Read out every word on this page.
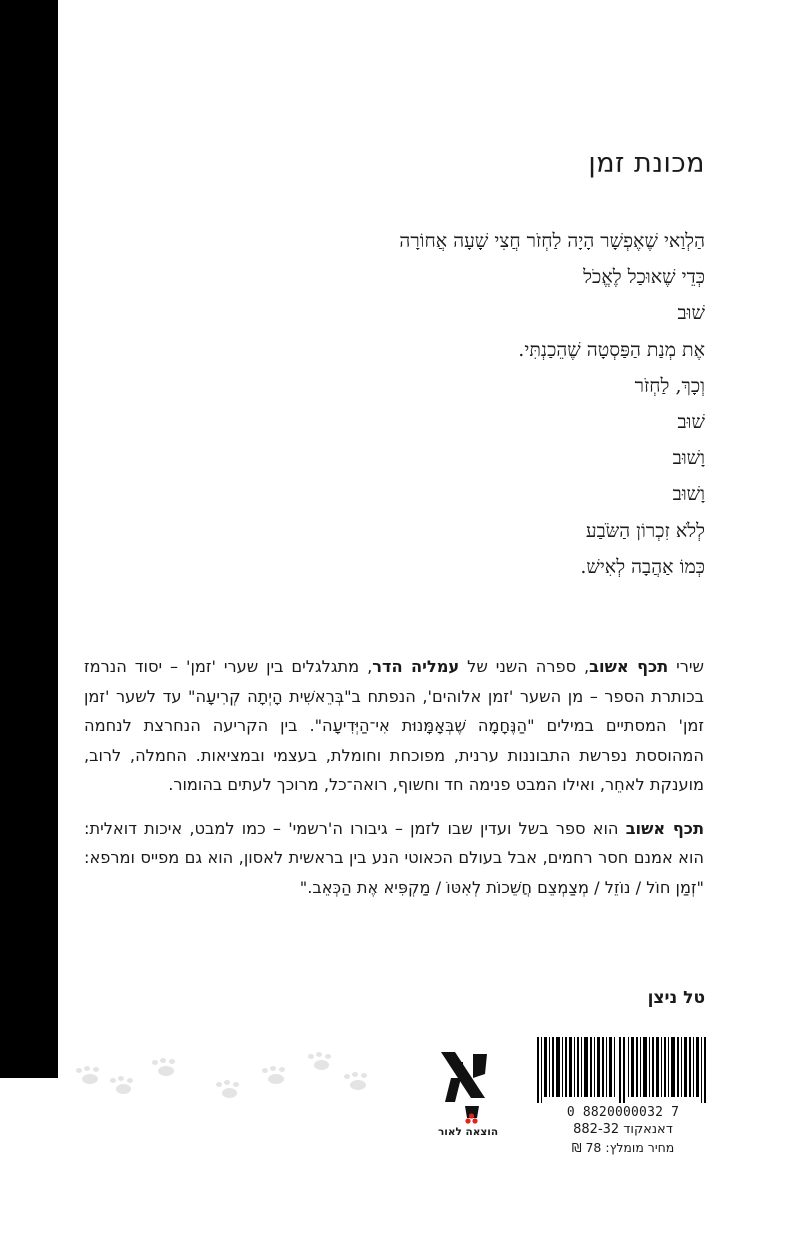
מכונת זמן
הַלְוַאי שֶׁאֶפְשָׁר הָיָה לַחְזֹר חֲצִי שָׁעָה אֲחוֹרָה
כְּדֵי שֶׁאוּכַל לֶאֱכֹל
שׁוּב
אֶת מְנַת הַפַּסְטָה שֶׁהֵכַנְתִּי.
וְכָךְ, לַחְזֹר
שׁוּב
וָשׁוּב
וָשׁוּב
לְלֹא זִכְרוֹן הַשֹּׂבַע
כְּמוֹ אַהֲבָה לְאִישׁ.

שירי תכף אשוב, ספרה השני של עמליה הדר, מתגלגלים בין שערי 'זמן' – יסוד הנרמז בכותרת הספר – מן השער 'זמן אלוהים', הנפתח ב"בְּרֵאשִׁית הָיְתָה קְרִיעָה" עד לשער 'זמן זמן' המסתיים במילים "הַנֶּחָמָה שֶׁבְּאָמָּנוּת אִי־הַיְּדִיעָה". בין הקריעה הנחרצת לנחמה המהוססת נפרשת התבוננות ערנית, מפוכחת וחומלת, בעצמי ובמציאות. החמלה, לרוב, מוענקת לאחֵר, ואילו המבט פנימה חד וחשוף, רואה־כל, מרוכך לעתים בהומור.

תכף אשוב הוא ספר בשל ועדין שבו לזמן – גיבורו ה'רשמי' – כמו למבט, איכות דואלית: הוא אמנם חסר רחמים, אבל בעולם הכאוטי הנע בין בראשית לאסון, הוא גם מפייס ומרפא: "זְמַן חוֹל / נוֹזֵל / מְצַמְצֵם חֲשֵׁכוֹת לְאִטּוֹ / מַקְפִּיא אֶת הַכְּאֵב."

טל ניצן
הוצאה לאור
0 8820000032 7
דאנאקוד 882-32
מחיר מומלץ: 78 ₪
